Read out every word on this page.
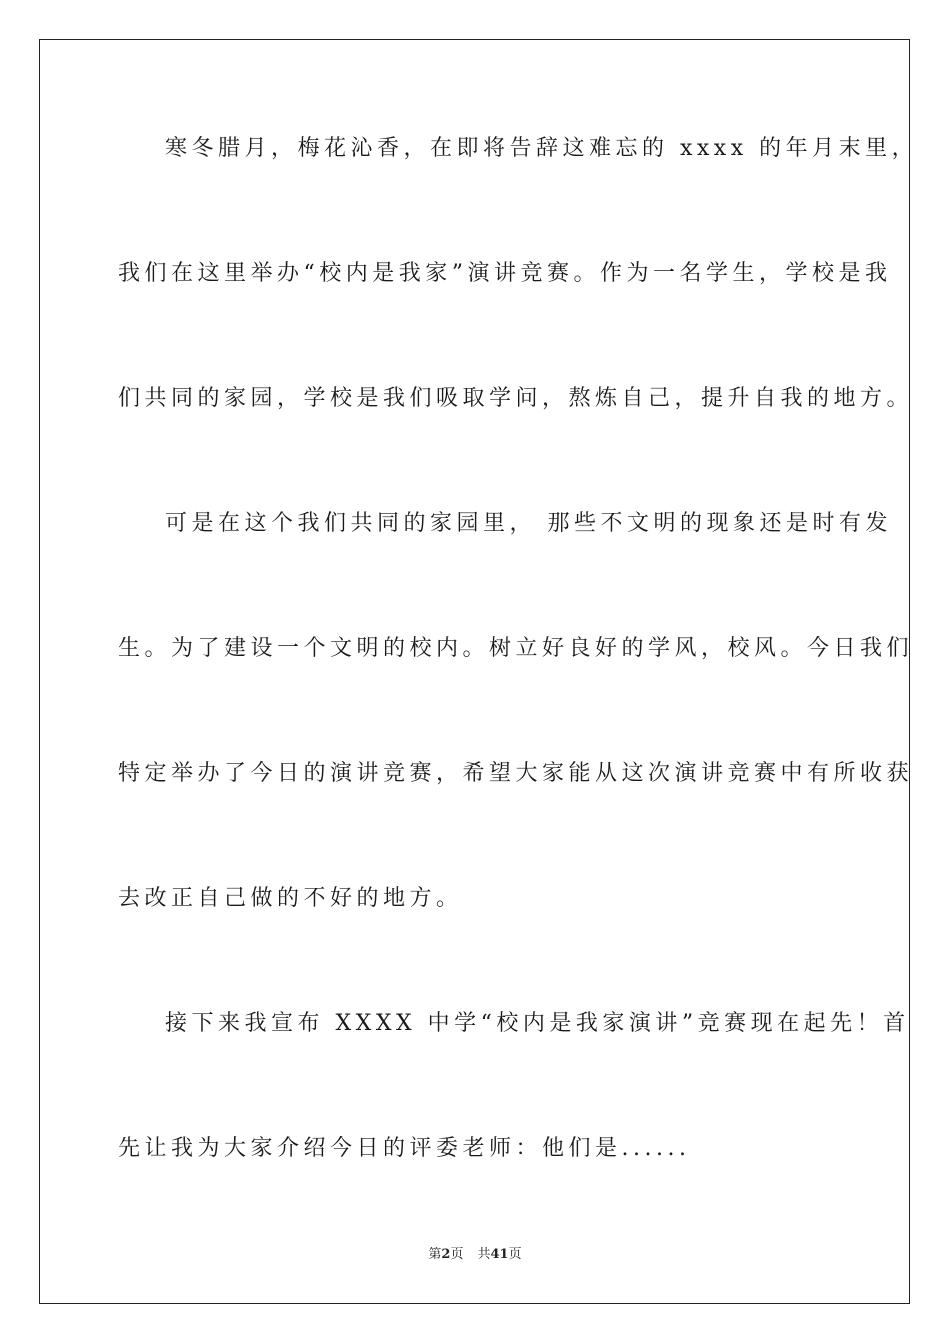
寒冬腊月，梅花沁香，在即将告辞这难忘的 xxxx 的年月末里，
我们在这里举办“校内是我家”演讲竞赛。作为一名学生，学校是我
们共同的家园，学校是我们吸取学问，熬炼自己，提升自我的地方。
可是在这个我们共同的家园里， 那些不文明的现象还是时有发
生。为了建设一个文明的校内。树立好良好的学风，校风。今日我们
特定举办了今日的演讲竞赛，希望大家能从这次演讲竞赛中有所收获
去改正自己做的不好的地方。
接下来我宣布 XXXX 中学“校内是我家演讲”竞赛现在起先！首
先让我为大家介绍今日的评委老师：他们是......
第2页 共41页
